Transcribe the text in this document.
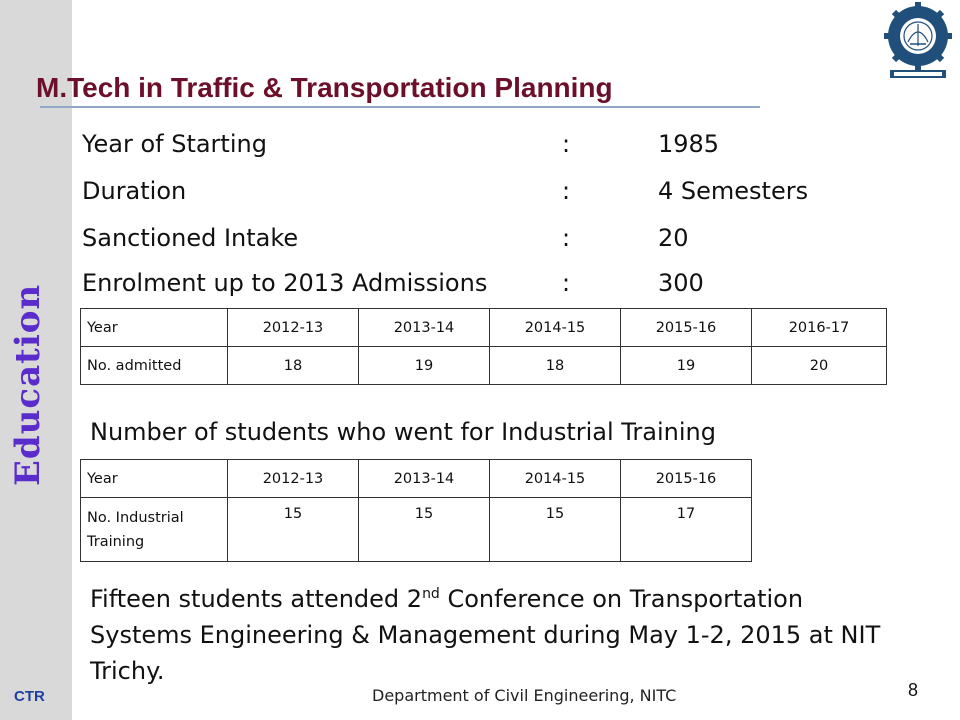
M.Tech in Traffic & Transportation Planning
Education
Year of Starting	:	1985
Duration	:	4 Semesters
Sanctioned Intake	:	20
Enrolment up to 2013 Admissions	:	300
Year	2012-13	2013-14	2014-15	2015-16	2016-17
No. admitted	18	19	18	19	20
Number of students who went for Industrial Training
Year	2012-13	2013-14	2014-15	2015-16
No. Industrial Training	15	15	15	17
Fifteen students attended 2nd Conference on Transportation Systems Engineering & Management during May 1-2, 2015 at NIT Trichy.
CTR	Department of Civil Engineering, NITC	8
